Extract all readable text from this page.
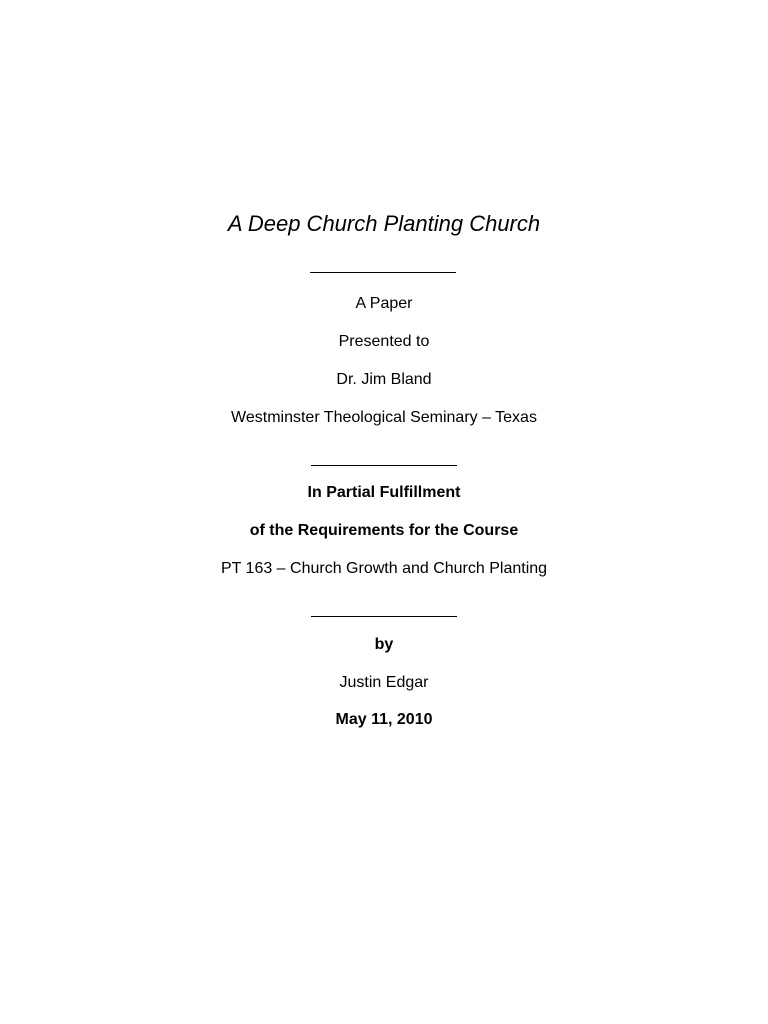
A Deep Church Planting Church
A Paper
Presented to
Dr. Jim Bland
Westminster Theological Seminary – Texas
In Partial Fulfillment
of the Requirements for the Course
PT 163 – Church Growth and Church Planting
by
Justin Edgar
May 11, 2010
